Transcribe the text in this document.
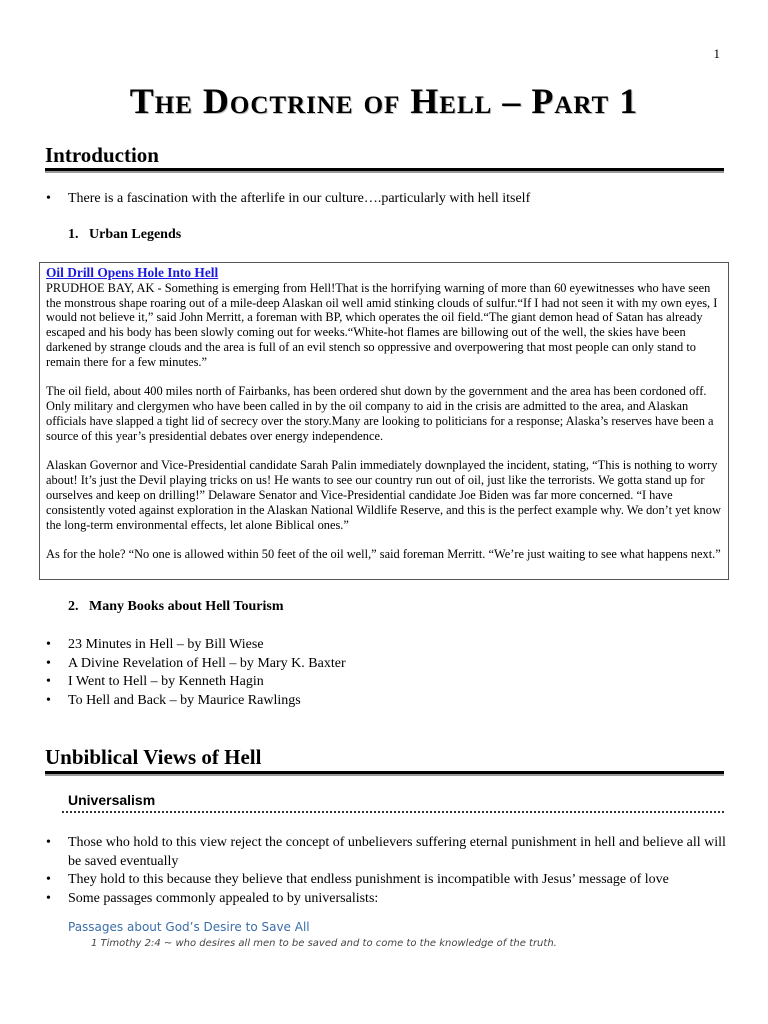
1
The Doctrine of Hell – Part 1
Introduction
• There is a fascination with the afterlife in our culture….particularly with hell itself
1.   Urban Legends
Oil Drill Opens Hole Into Hell

PRUDHOE BAY, AK - Something is emerging from Hell!That is the horrifying warning of more than 60 eyewitnesses who have seen the monstrous shape roaring out of a mile-deep Alaskan oil well amid stinking clouds of sulfur.“If I had not seen it with my own eyes, I would not believe it,” said John Merritt, a foreman with BP, which operates the oil field.“The giant demon head of Satan has already escaped and his body has been slowly coming out for weeks.“White-hot flames are billowing out of the well, the skies have been darkened by strange clouds and the area is full of an evil stench so oppressive and overpowering that most people can only stand to remain there for a few minutes.”

The oil field, about 400 miles north of Fairbanks, has been ordered shut down by the government and the area has been cordoned off. Only military and clergymen who have been called in by the oil company to aid in the crisis are admitted to the area, and Alaskan officials have slapped a tight lid of secrecy over the story.Many are looking to politicians for a response; Alaska’s reserves have been a source of this year’s presidential debates over energy independence.

Alaskan Governor and Vice-Presidential candidate Sarah Palin immediately downplayed the incident, stating, “This is nothing to worry about! It’s just the Devil playing tricks on us! He wants to see our country run out of oil, just like the terrorists. We gotta stand up for ourselves and keep on drilling!” Delaware Senator and Vice-Presidential candidate Joe Biden was far more concerned. “I have consistently voted against exploration in the Alaskan National Wildlife Reserve, and this is the perfect example why. We don’t yet know the long-term environmental effects, let alone Biblical ones.”

As for the hole? “No one is allowed within 50 feet of the oil well,” said foreman Merritt. “We’re just waiting to see what happens next.”

2.   Many Books about Hell Tourism
• 23 Minutes in Hell – by Bill Wiese
• A Divine Revelation of Hell – by Mary K. Baxter
• I Went to Hell – by Kenneth Hagin
• To Hell and Back – by Maurice Rawlings
Unbiblical Views of Hell
Universalism
• Those who hold to this view reject the concept of unbelievers suffering eternal punishment in hell and believe all will be saved eventually
• They hold to this because they believe that endless punishment is incompatible with Jesus’ message of love
• Some passages commonly appealed to by universalists:
Passages about God’s Desire to Save All
1 Timothy 2:4 ~ who desires all men to be saved and to come to the knowledge of the truth.
